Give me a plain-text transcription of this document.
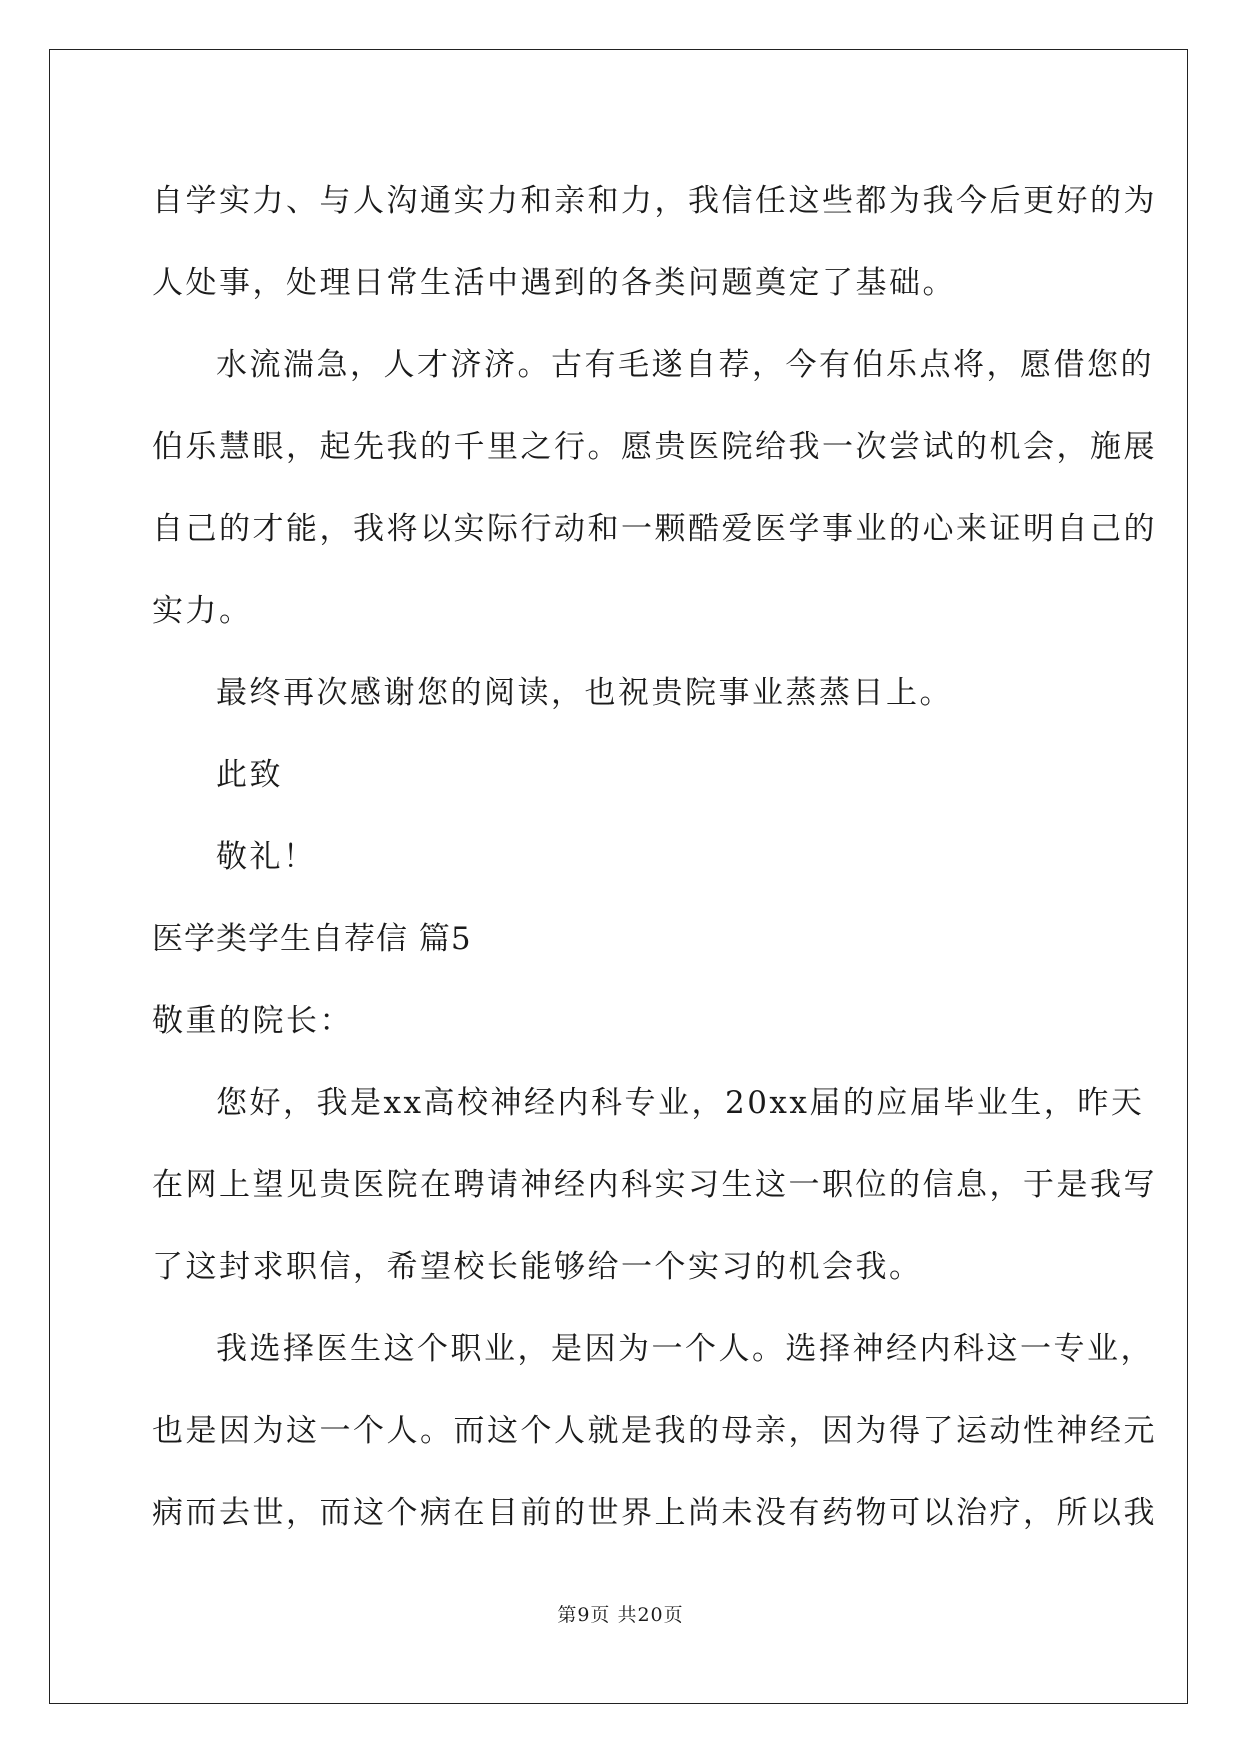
自学实力、与人沟通实力和亲和力，我信任这些都为我今后更好的为

人处事，处理日常生活中遇到的各类问题奠定了基础。

水流湍急，人才济济。古有毛遂自荐，今有伯乐点将，愿借您的

伯乐慧眼，起先我的千里之行。愿贵医院给我一次尝试的机会，施展

自己的才能，我将以实际行动和一颗酷爱医学事业的心来证明自己的

实力。

最终再次感谢您的阅读，也祝贵院事业蒸蒸日上。

此致

敬礼！

医学类学生自荐信 篇5

敬重的院长：

您好，我是xx高校神经内科专业，20xx届的应届毕业生，昨天

在网上望见贵医院在聘请神经内科实习生这一职位的信息，于是我写

了这封求职信，希望校长能够给一个实习的机会我。

我选择医生这个职业，是因为一个人。选择神经内科这一专业，

也是因为这一个人。而这个人就是我的母亲，因为得了运动性神经元

病而去世，而这个病在目前的世界上尚未没有药物可以治疗，所以我

第9页 共20页
